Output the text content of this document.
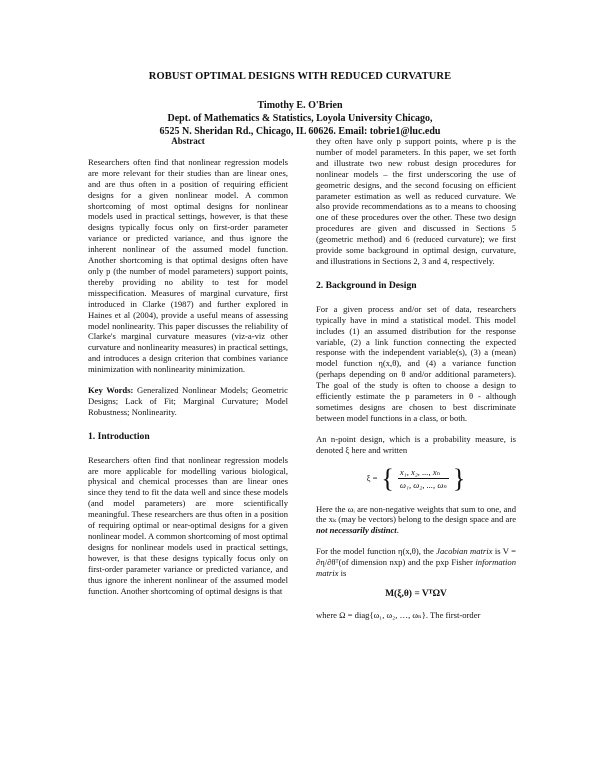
ROBUST OPTIMAL DESIGNS WITH REDUCED CURVATURE
Timothy E. O'Brien
Dept. of Mathematics & Statistics, Loyola University Chicago,
6525 N. Sheridan Rd., Chicago, IL 60626. Email: tobrie1@luc.edu
Abstract

Researchers often find that nonlinear regression models are more relevant for their studies than are linear ones, and are thus often in a position of requiring efficient designs for a given nonlinear model. A common shortcoming of most optimal designs for nonlinear models used in practical settings, however, is that these designs typically focus only on first-order parameter variance or predicted variance, and thus ignore the inherent nonlinear of the assumed model function. Another shortcoming is that optimal designs often have only p (the number of model parameters) support points, thereby providing no ability to test for model misspecification. Measures of marginal curvature, first introduced in Clarke (1987) and further explored in Haines et al (2004), provide a useful means of assessing model nonlinearity. This paper discusses the reliability of Clarke's marginal curvature measures (viz-a-viz other curvature and nonlinearity measures) in practical settings, and introduces a design criterion that combines variance minimization with nonlinearity minimization.

Key Words: Generalized Nonlinear Models; Geometric Designs; Lack of Fit; Marginal Curvature; Model Robustness; Nonlinearity.

1. Introduction

Researchers often find that nonlinear regression models are more applicable for modelling various biological, physical and chemical processes than are linear ones since they tend to fit the data well and since these models (and model parameters) are more scientifically meaningful. These researchers are thus often in a position of requiring optimal or near-optimal designs for a given nonlinear model. A common shortcoming of most optimal designs for nonlinear models used in practical settings, however, is that these designs typically focus only on first-order parameter variance or predicted variance, and thus ignore the inherent nonlinear of the assumed model function. Another shortcoming of optimal designs is that

they often have only p support points, where p is the number of model parameters. In this paper, we set forth and illustrate two new robust design procedures for nonlinear models – the first underscoring the use of geometric designs, and the second focusing on efficient parameter estimation as well as reduced curvature. We also provide recommendations as to a means to choosing one of these procedures over the other. These two design procedures are given and discussed in Sections 5 (geometric method) and 6 (reduced curvature); we first provide some background in optimal design, curvature, and illustrations in Sections 2, 3 and 4, respectively.

2. Background in Design

For a given process and/or set of data, researchers typically have in mind a statistical model. This model includes (1) an assumed distribution for the response variable, (2) a link function connecting the expected response with the independent variable(s), (3) a (mean) model function η(x,θ), and (4) a variance function (perhaps depending on θ and/or additional parameters). The goal of the study is often to choose a design to efficiently estimate the p parameters in θ - although sometimes designs are chosen to best discriminate between model functions in a class, or both.

An n-point design, which is a probability measure, is denoted ξ here and written

ξ = { x₁, x₂, ..., xₙ
ω₁, ω₂, ..., ωₙ }

Here the ωᵢ are non-negative weights that sum to one, and the xₖ (may be vectors) belong to the design space and are not necessarily distinct.

For the model function η(x,θ), the Jacobian matrix is V = ∂η/∂θᵀ(of dimension nxp) and the pxp Fisher information matrix is

M(ξ,θ) = VᵀΩV

where Ω = diag{ω₁, ω₂, …, ωₙ}. The first-order
